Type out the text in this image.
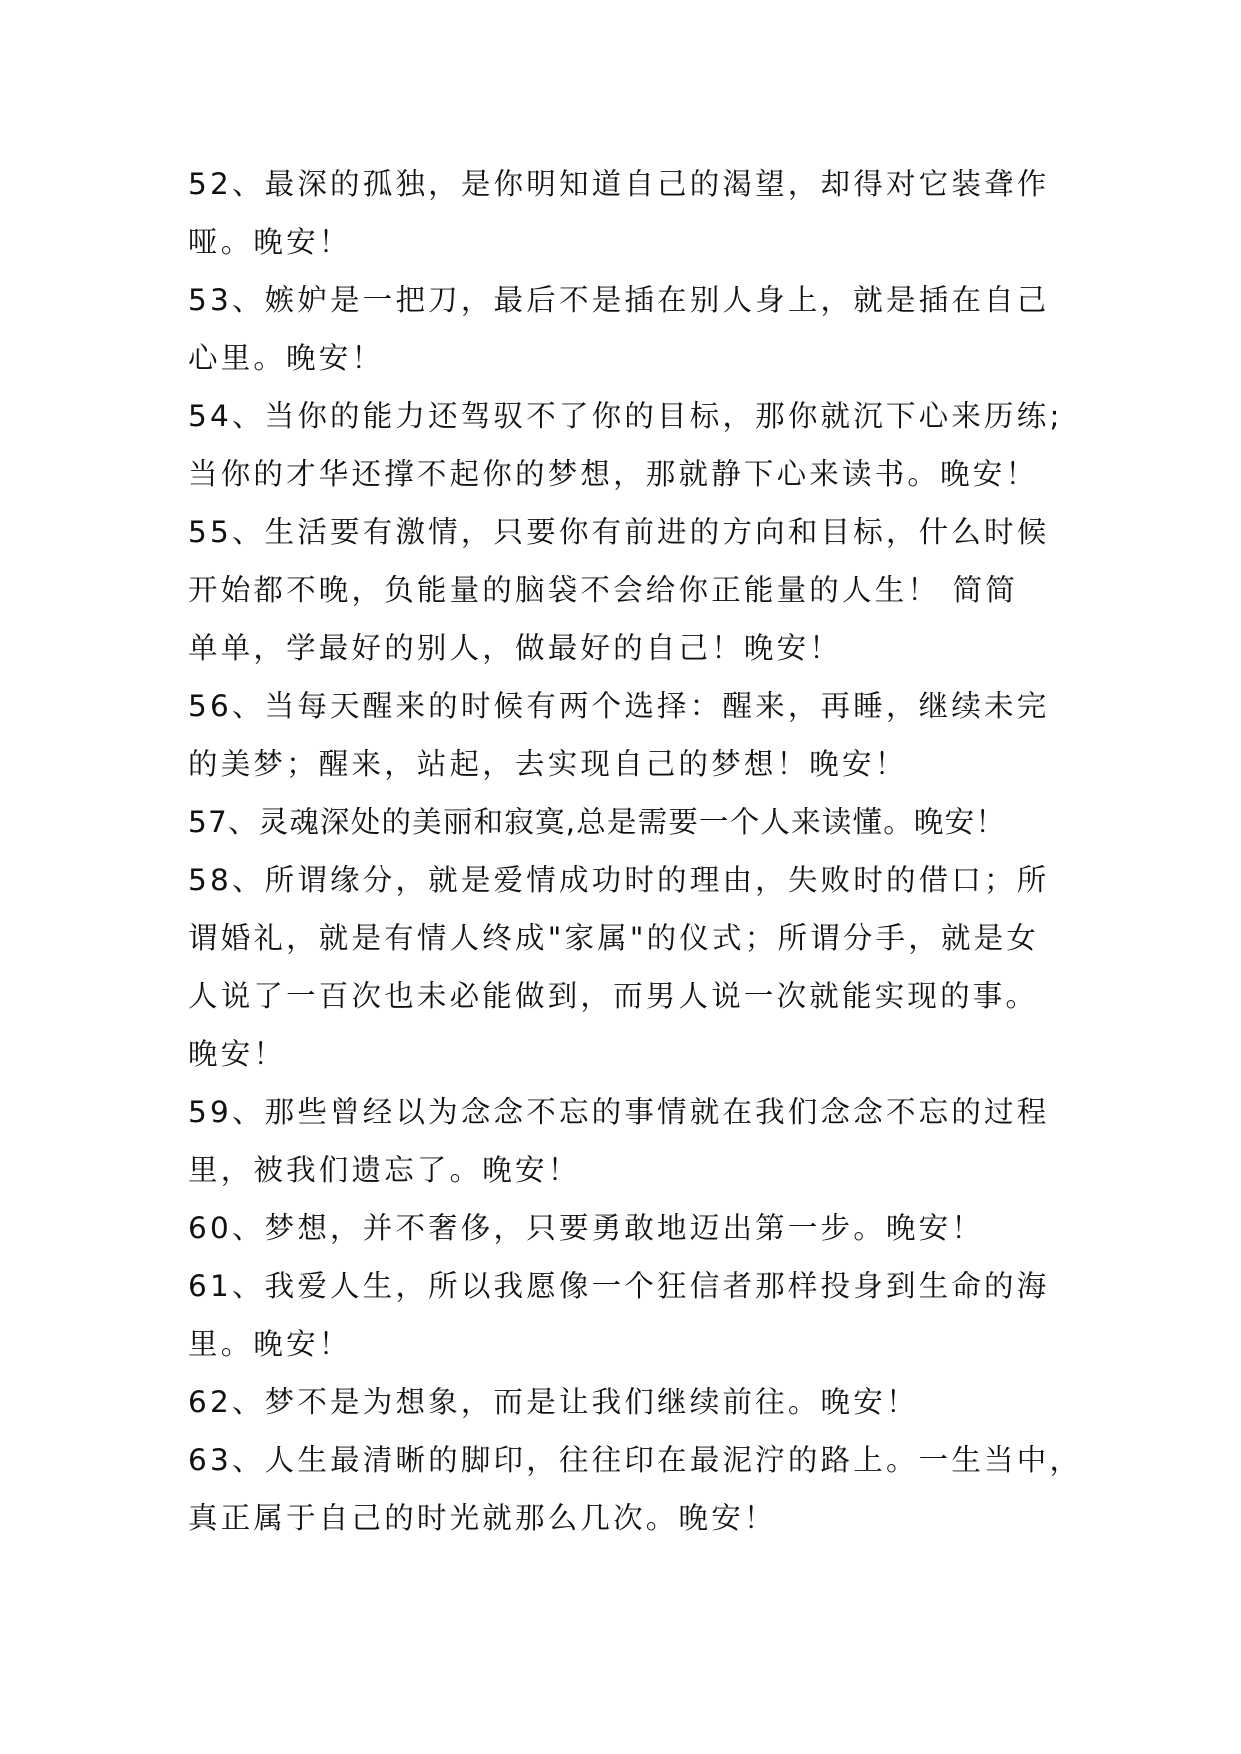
52、最深的孤独，是你明知道自己的渴望，却得对它装聋作

哑。晚安！

53、嫉妒是一把刀，最后不是插在别人身上，就是插在自己

心里。晚安！

54、当你的能力还驾驭不了你的目标，那你就沉下心来历练;

当你的才华还撑不起你的梦想，那就静下心来读书。晚安！

55、生活要有激情，只要你有前进的方向和目标，什么时候

开始都不晚，负能量的脑袋不会给你正能量的人生！ 简简

单单，学最好的别人，做最好的自己！晚安！

56、当每天醒来的时候有两个选择：醒来，再睡，继续未完

的美梦；醒来，站起，去实现自己的梦想！晚安！

57、灵魂深处的美丽和寂寞,总是需要一个人来读懂。晚安！

58、所谓缘分，就是爱情成功时的理由，失败时的借口；所

谓婚礼，就是有情人终成"家属"的仪式；所谓分手，就是女

人说了一百次也未必能做到，而男人说一次就能实现的事。

晚安！

59、那些曾经以为念念不忘的事情就在我们念念不忘的过程

里，被我们遗忘了。晚安！

60、梦想，并不奢侈，只要勇敢地迈出第一步。晚安！

61、我爱人生，所以我愿像一个狂信者那样投身到生命的海

里。晚安！

62、梦不是为想象，而是让我们继续前往。晚安！

63、人生最清晰的脚印，往往印在最泥泞的路上。一生当中，

真正属于自己的时光就那么几次。晚安！
